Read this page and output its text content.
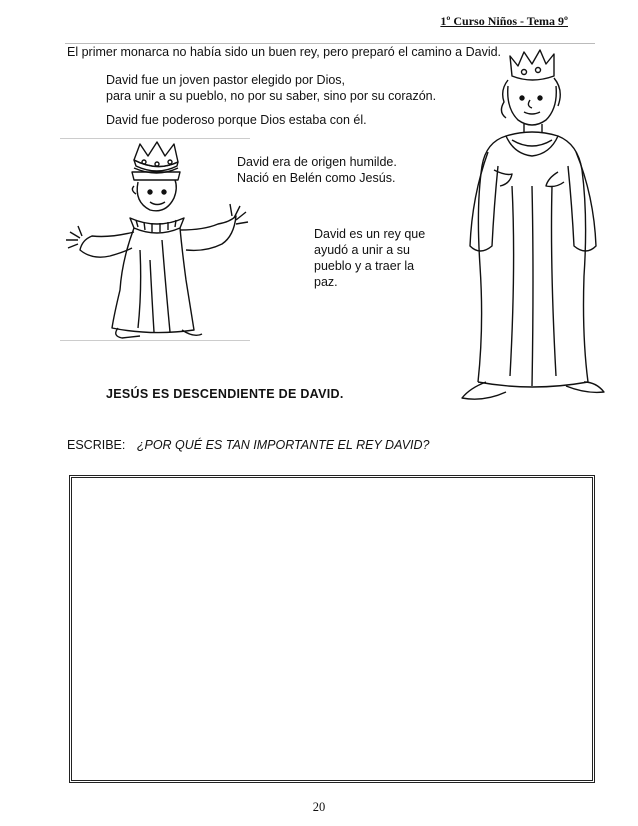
1º Curso Niños - Tema 9º
El primer monarca no había sido un buen rey, pero preparó el camino a David.
David fue un joven pastor elegido por Dios,
para unir a su pueblo, no por su saber, sino por su corazón.
David fue poderoso porque Dios estaba con él.
David era de origen humilde.
Nació en Belén como Jesús.
David es un rey que
ayudó a unir a su
pueblo y a traer la
paz.
JESÚS ES DESCENDIENTE DE DAVID.
ESCRIBE: ¿POR QUÉ ES TAN IMPORTANTE EL REY DAVID?
20
